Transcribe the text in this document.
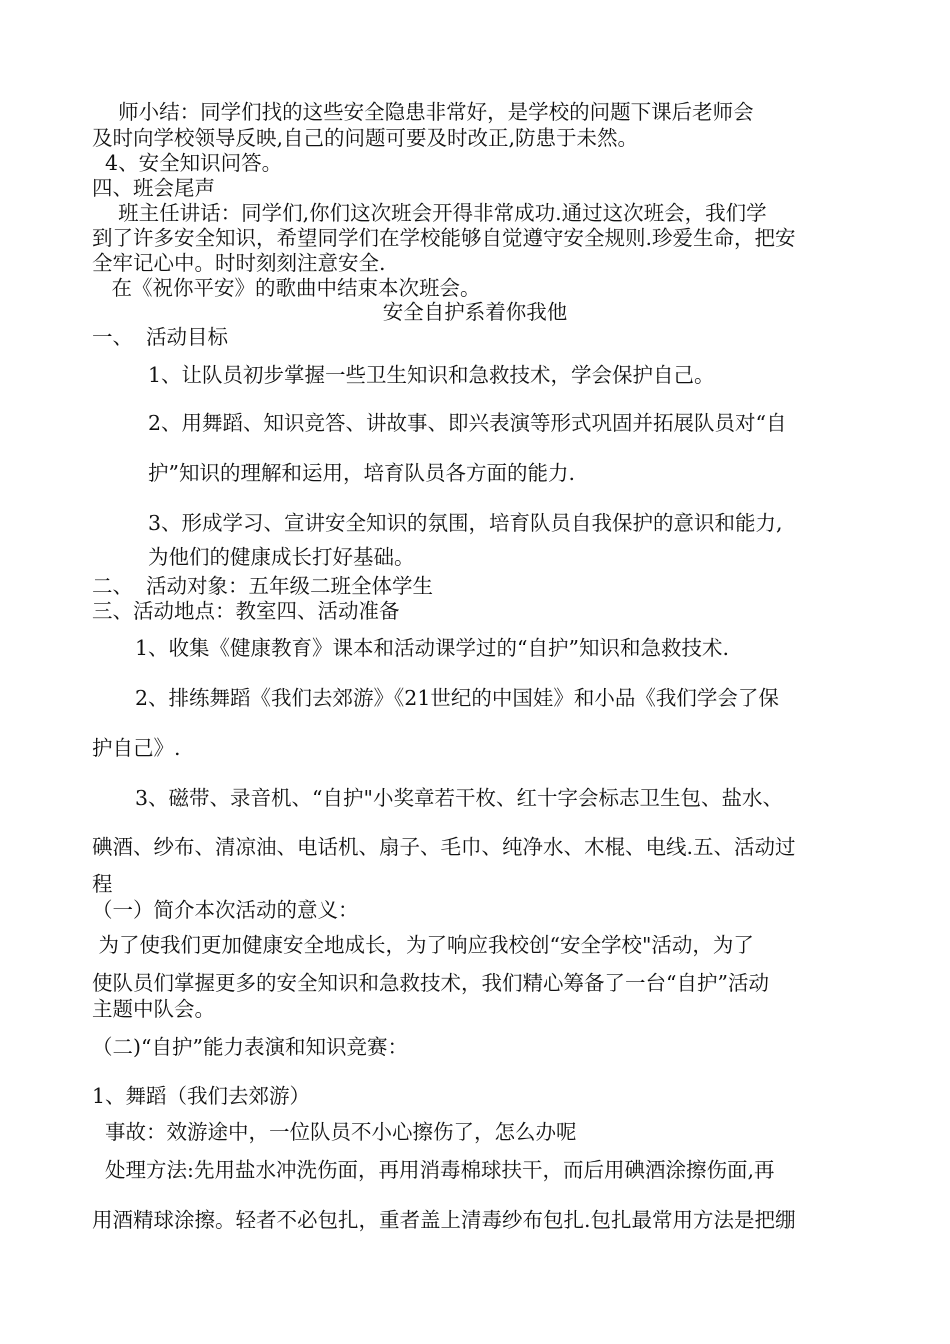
师小结：同学们找的这些安全隐患非常好，是学校的问题下课后老师会
及时向学校领导反映,自己的问题可要及时改正,防患于未然。
4、安全知识问答。
四、班会尾声
班主任讲话：同学们,你们这次班会开得非常成功.通过这次班会，我们学
到了许多安全知识，希望同学们在学校能够自觉遵守安全规则.珍爱生命，把安
全牢记心中。时时刻刻注意安全.
在《祝你平安》的歌曲中结束本次班会。
安全自护系着你我他
一、  活动目标
1、让队员初步掌握一些卫生知识和急救技术，学会保护自己。
2、用舞蹈、知识竞答、讲故事、即兴表演等形式巩固并拓展队员对“自
护”知识的理解和运用，培育队员各方面的能力.
3、形成学习、宣讲安全知识的氛围，培育队员自我保护的意识和能力,
为他们的健康成长打好基础。
二、  活动对象：五年级二班全体学生
三、活动地点：教室四、活动准备
1、收集《健康教育》课本和活动课学过的“自护”知识和急救技术.
2、排练舞蹈《我们去郊游》《21世纪的中国娃》和小品《我们学会了保
护自己》.
3、磁带、录音机、“自护"小奖章若干枚、红十字会标志卫生包、盐水、
碘酒、纱布、清凉油、电话机、扇子、毛巾、纯净水、木棍、电线.五、活动过
程
（一）简介本次活动的意义：
为了使我们更加健康安全地成长，为了响应我校创“安全学校"活动，为了
使队员们掌握更多的安全知识和急救技术，我们精心筹备了一台“自护”活动
主题中队会。
（二)“自护”能力表演和知识竞赛：
1、舞蹈（我们去郊游）
事故：效游途中，一位队员不小心擦伤了，怎么办呢
处理方法:先用盐水冲洗伤面，再用消毒棉球扶干，而后用碘酒涂擦伤面,再
用酒精球涂擦。轻者不必包扎，重者盖上清毒纱布包扎.包扎最常用方法是把绷
